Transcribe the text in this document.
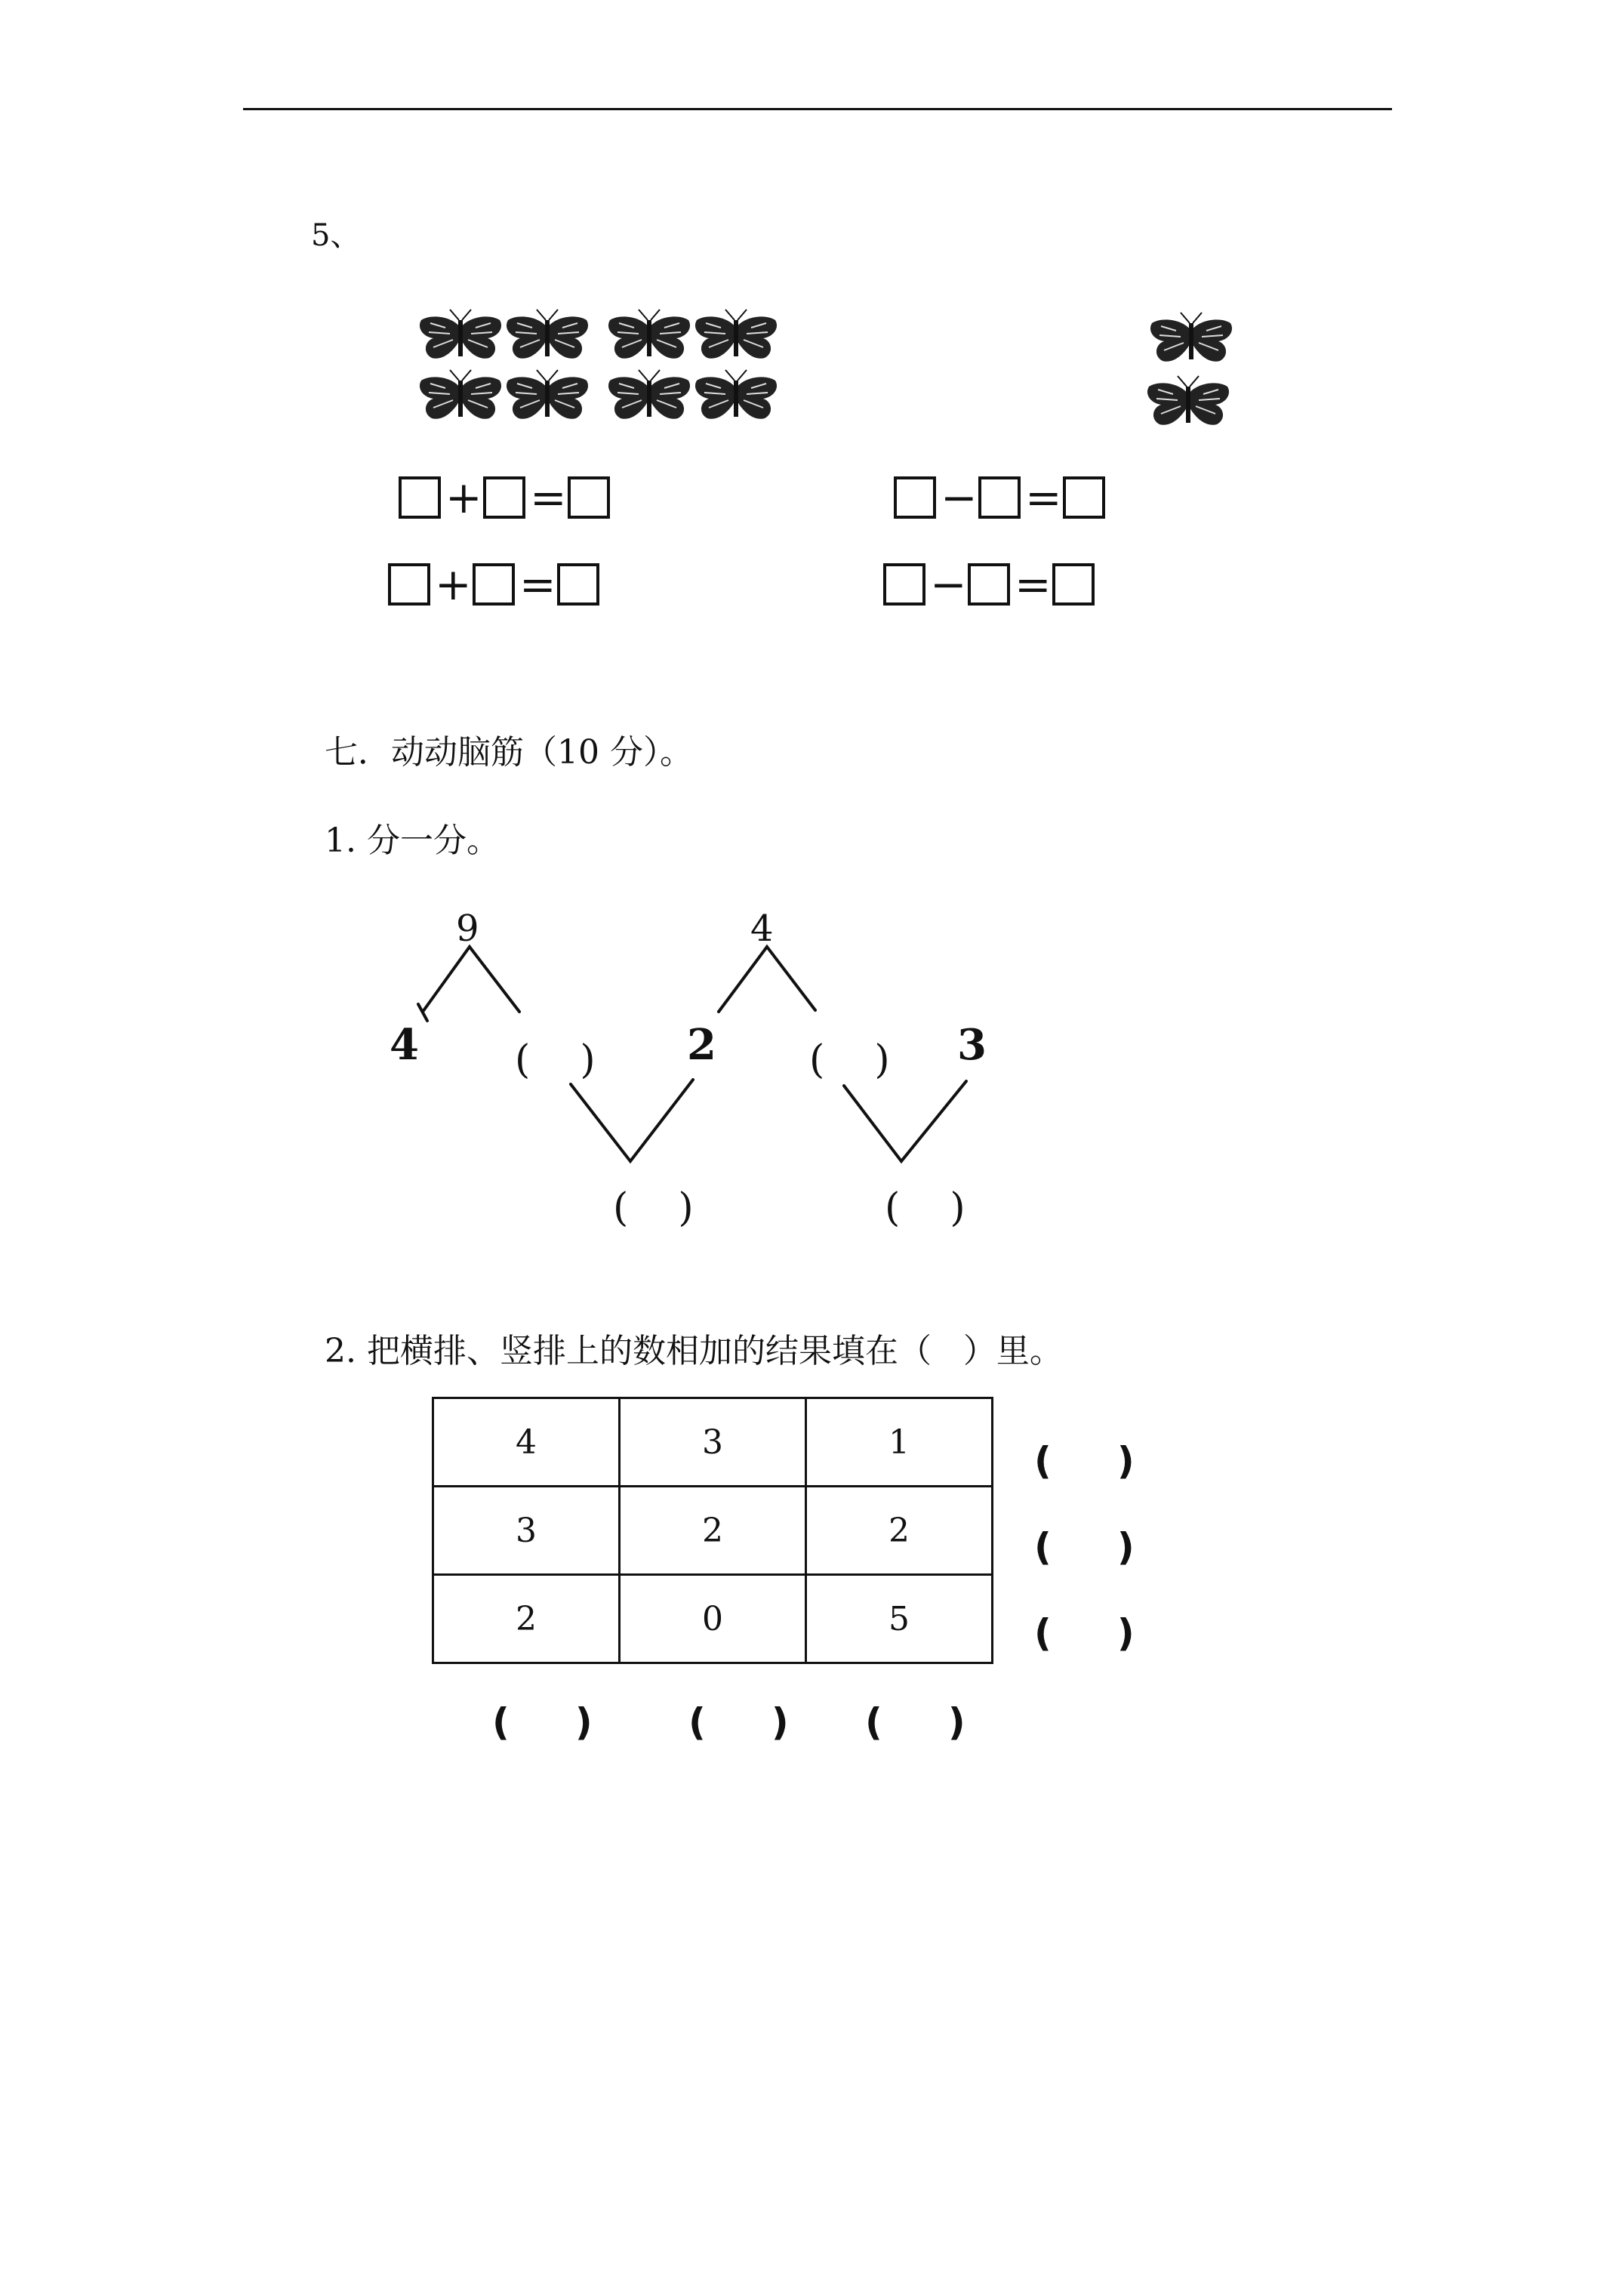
5、
+ =	− =
+ =	− =
七．动动脑筋（10 分）。
1. 分一分。
9	4
4	2	3
(    )	(    )
(    )	(    )
2. 把横排、竖排上的数相加的结果填在（   ）里。
4	3	1
3	2	2
2	0	5
(     )
(     )
(     )
(     )	(     ) (     )
